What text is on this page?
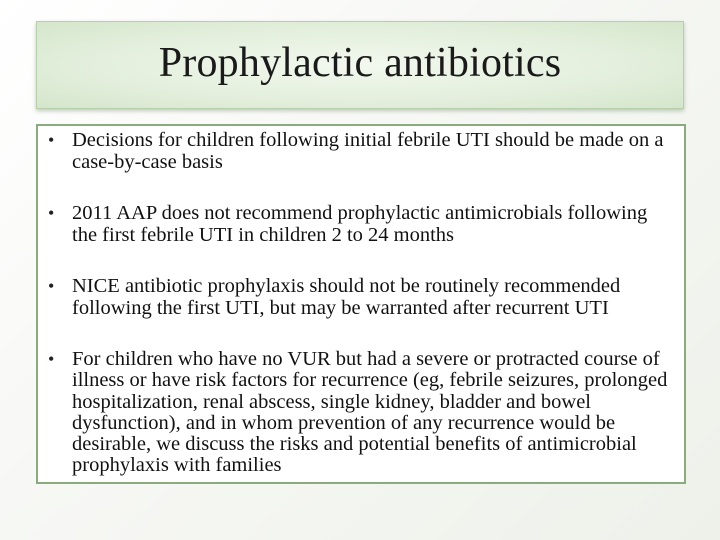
Prophylactic antibiotics
• Decisions for children following initial febrile UTI should be made on a case-by-case basis
• 2011 AAP does not recommend prophylactic antimicrobials following the first febrile UTI in children 2 to 24 months
• NICE antibiotic prophylaxis should not be routinely recommended following the first UTI, but may be warranted after recurrent UTI
• For children who have no VUR but had a severe or protracted course of illness or have risk factors for recurrence (eg, febrile seizures, prolonged hospitalization, renal abscess, single kidney, bladder and bowel dysfunction), and in whom prevention of any recurrence would be desirable, we discuss the risks and potential benefits of antimicrobial prophylaxis with families
